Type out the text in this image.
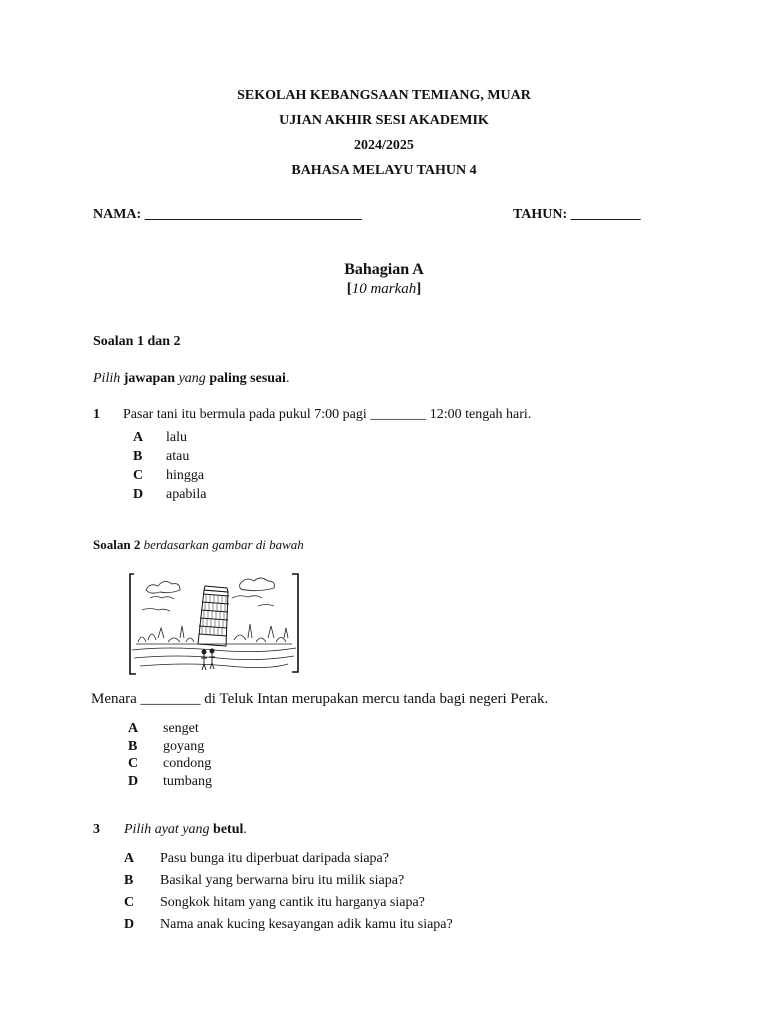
SEKOLAH KEBANGSAAN TEMIANG, MUAR
UJIAN AKHIR SESI AKADEMIK
2024/2025
BAHASA MELAYU TAHUN 4
NAMA: _______________________________	TAHUN: __________
Bahagian A
[10 markah]
Soalan 1 dan 2
Pilih jawapan yang paling sesuai.
1 Pasar tani itu bermula pada pukul 7:00 pagi ________ 12:00 tengah hari.
A lalu
B atau
C hingga
D apabila
Soalan 2 berdasarkan gambar di bawah
Menara ________ di Teluk Intan merupakan mercu tanda bagi negeri Perak.
A senget
B goyang
C condong
D tumbang
3 Pilih ayat yang betul.
A Pasu bunga itu diperbuat daripada siapa?
B Basikal yang berwarna biru itu milik siapa?
C Songkok hitam yang cantik itu harganya siapa?
D Nama anak kucing kesayangan adik kamu itu siapa?
